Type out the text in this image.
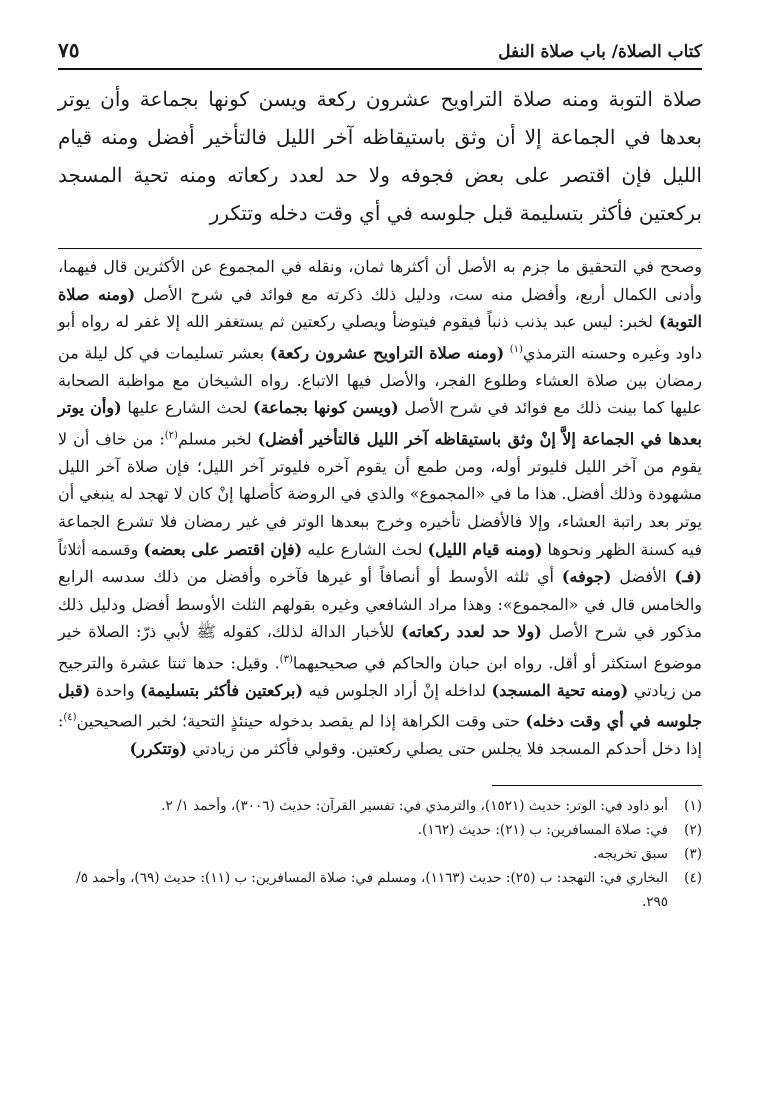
كتاب الصلاة/ باب صلاة النفل
٧٥
صلاة التوبة ومنه صلاة التراويح عشرون ركعة ويسن كونها بجماعة وأن يوتر بعدها في الجماعة إلا أن وثق باستيقاظه آخر الليل فالتأخير أفضل ومنه قيام الليل فإن اقتصر على بعض فجوفه ولا حد لعدد ركعاته ومنه تحية المسجد بركعتين فأكثر بتسليمة قبل جلوسه في أي وقت دخله وتتكرر
وصحح في التحقيق ما جزم به الأصل أن أكثرها ثمان، ونقله في المجموع عن الأكثرين قال فيهما، وأدنى الكمال أربع، وأفضل منه ست، ودليل ذلك ذكرته مع فوائد في شرح الأصل (ومنه صلاة التوبة) لخبر: ليس عبد يذنب ذنباً فيقوم فيتوضأ ويصلي ركعتين ثم يستغفر الله إلا غفر له رواه أبو داود وغيره وحسنه الترمذي$^{(١)}$ (ومنه صلاة التراويح عشرون ركعة) بعشر تسليمات في كل ليلة من رمضان بين صلاة العشاء وطلوع الفجر، والأصل فيها الاتباع. رواه الشيخان مع مواظبة الصحابة عليها كما بينت ذلك مع فوائد في شرح الأصل (ويسن كونها بجماعة) لحث الشارع عليها (وأن يوتر بعدها في الجماعة إلاَّ إنْ وثق باستيقاظه آخر الليل فالتأخير أفضل) لخبر مسلم$^{(٢)}$: من خاف أن لا يقوم من آخر الليل فليوتر أوله، ومن طمع أن يقوم آخره فليوتر آخر الليل؛ فإن صلاة آخر الليل مشهودة وذلك أفضل. هذا ما في «المجموع» والذي في الروضة كأصلها إنْ كان لا تهجد له ينبغي أن يوتر بعد راتبة العشاء، وإلا فالأفضل تأخيره وخرج ببعدها الوتر في غير رمضان فلا تشرع الجماعة فيه كسنة الظهر ونحوها (ومنه قيام الليل) لحث الشارع عليه (فإن اقتصر على بعضه) وقسمه أثلاثاً (فـ) الأفضل (جوفه) أي ثلثه الأوسط أو أنصافاً أو غيرها فآخره وأفضل من ذلك سدسه الرابع والخامس قال في «المجموع»: وهذا مراد الشافعي وغيره بقولهم الثلث الأوسط أفضل ودليل ذلك مذكور في شرح الأصل (ولا حد لعدد ركعاته) للأخبار الدالة لذلك، كقوله ﷺ لأبي ذرّ: الصلاة خير موضوع استكثر أو أقل. رواه ابن حبان والحاكم في صحيحيهما$^{(٣)}$. وقيل: حدها ثنتا عشرة والترجيح من زيادتي (ومنه تحية المسجد) لداخله إنْ أراد الجلوس فيه (بركعتين فأكثر بتسليمة) واحدة (قبل جلوسه في أي وقت دخله) حتى وقت الكراهة إذا لم يقصد بدخوله حينئذٍ التحية؛ لخبر الصحيحين$^{(٤)}$: إذا دخل أحدكم المسجد فلا يجلس حتى يصلي ركعتين. وقولي فأكثر من زيادتي (وتتكرر)
(١)
أبو داود في: الوتر: حديث (١٥٢١)، والترمذي في: تفسير القرآن: حديث (٣٠٠٦)، وأحمد ١/ ٢.
(٢)
في: صلاة المسافرين: ب (٢١): حديث (١٦٢).
(٣)
سبق تخريجه.
(٤)
البخاري في: التهجد: ب (٢٥): حديث (١١٦٣)، ومسلم في: صلاة المسافرين: ب (١١): حديث (٦٩)، وأحمد ٥/ ٢٩٥.
